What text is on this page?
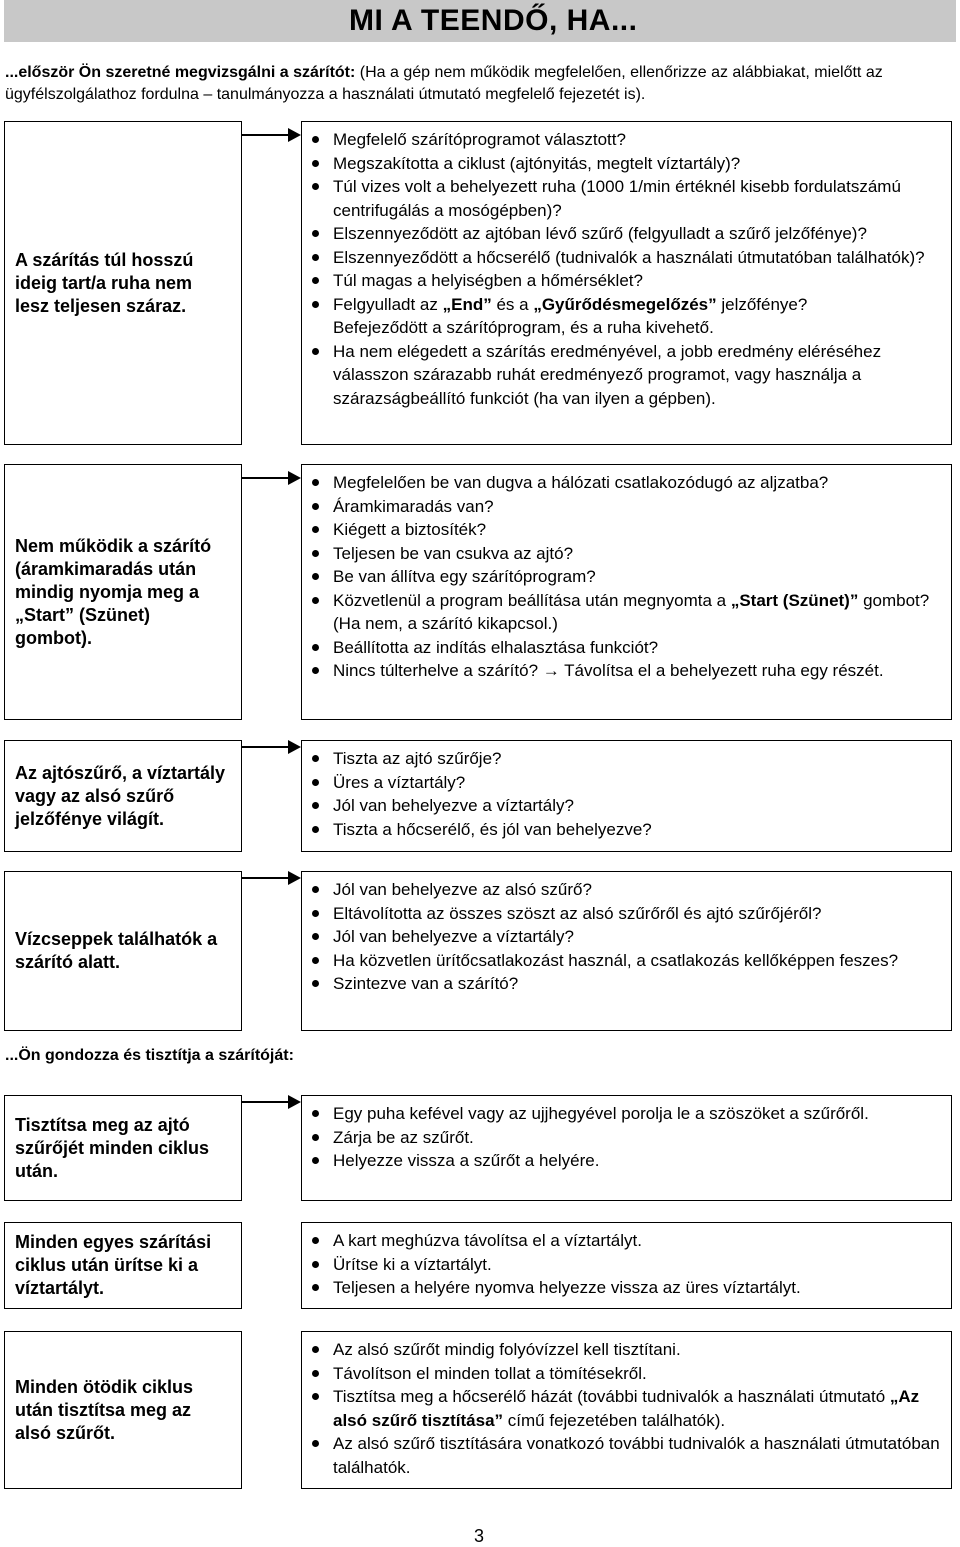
MI A TEENDŐ, HA...
...először Ön szeretné megvizsgálni a szárítót: (Ha a gép nem működik megfelelően, ellenőrizze az alábbiakat, mielőtt az ügyfélszolgálathoz fordulna – tanulmányozza a használati útmutató megfelelő fejezetét is).
A szárítás túl hosszú ideig tart/a ruha nem lesz teljesen száraz.
Megfelelő szárítóprogramot választott?
Megszakította a ciklust (ajtónyitás, megtelt víztartály)?
Túl vizes volt a behelyezett ruha (1000 1/min értéknél kisebb fordulatszámú centrifugálás a mosógépben)?
Elszennyeződött az ajtóban lévő szűrő (felgyulladt a szűrő jelzőfénye)?
Elszennyeződött a hőcserélő (tudnivalók a használati útmutatóban találhatók)?
Túl magas a helyiségben a hőmérséklet?
Felgyulladt az „End” és a „Gyűrődésmegelőzés” jelzőfénye?
Befejeződött a szárítóprogram, és a ruha kivehető.
Ha nem elégedett a szárítás eredményével, a jobb eredmény eléréséhez válasszon szárazabb ruhát eredményező programot, vagy használja a szárazságbeállító funkciót (ha van ilyen a gépben).
Nem működik a szárító (áramkimaradás után mindig nyomja meg a „Start” (Szünet) gombot).
Megfelelően be van dugva a hálózati csatlakozódugó az aljzatba?
Áramkimaradás van?
Kiégett a biztosíték?
Teljesen be van csukva az ajtó?
Be van állítva egy szárítóprogram?
Közvetlenül a program beállítása után megnyomta a „Start (Szünet)” gombot? (Ha nem, a szárító kikapcsol.)
Beállította az indítás elhalasztása funkciót?
Nincs túlterhelve a szárító? → Távolítsa el a behelyezett ruha egy részét.
Az ajtószűrő, a víztartály vagy az alsó szűrő jelzőfénye világít.
Tiszta az ajtó szűrője?
Üres a víztartály?
Jól van behelyezve a víztartály?
Tiszta a hőcserélő, és jól van behelyezve?
Vízcseppek találhatók a szárító alatt.
Jól van behelyezve az alsó szűrő?
Eltávolította az összes szöszt az alsó szűrőről és ajtó szűrőjéről?
Jól van behelyezve a víztartály?
Ha közvetlen ürítőcsatlakozást használ, a csatlakozás kellőképpen feszes?
Szintezve van a szárító?
...Ön gondozza és tisztítja a szárítóját:
Tisztítsa meg az ajtó szűrőjét minden ciklus után.
Egy puha kefével vagy az ujjhegyével porolja le a szöszöket a szűrőről.
Zárja be az szűrőt.
Helyezze vissza a szűrőt a helyére.
Minden egyes szárítási ciklus után ürítse ki a víztartályt.
A kart meghúzva távolítsa el a víztartályt.
Ürítse ki a víztartályt.
Teljesen a helyére nyomva helyezze vissza az üres víztartályt.
Minden ötödik ciklus után tisztítsa meg az alsó szűrőt.
Az alsó szűrőt mindig folyóvízzel kell tisztítani.
Távolítson el minden tollat a tömítésekről.
Tisztítsa meg a hőcserélő házát (további tudnivalók a használati útmutató „Az alsó szűrő tisztítása” című fejezetében találhatók).
Az alsó szűrő tisztítására vonatkozó további tudnivalók a használati útmutatóban találhatók.
3
